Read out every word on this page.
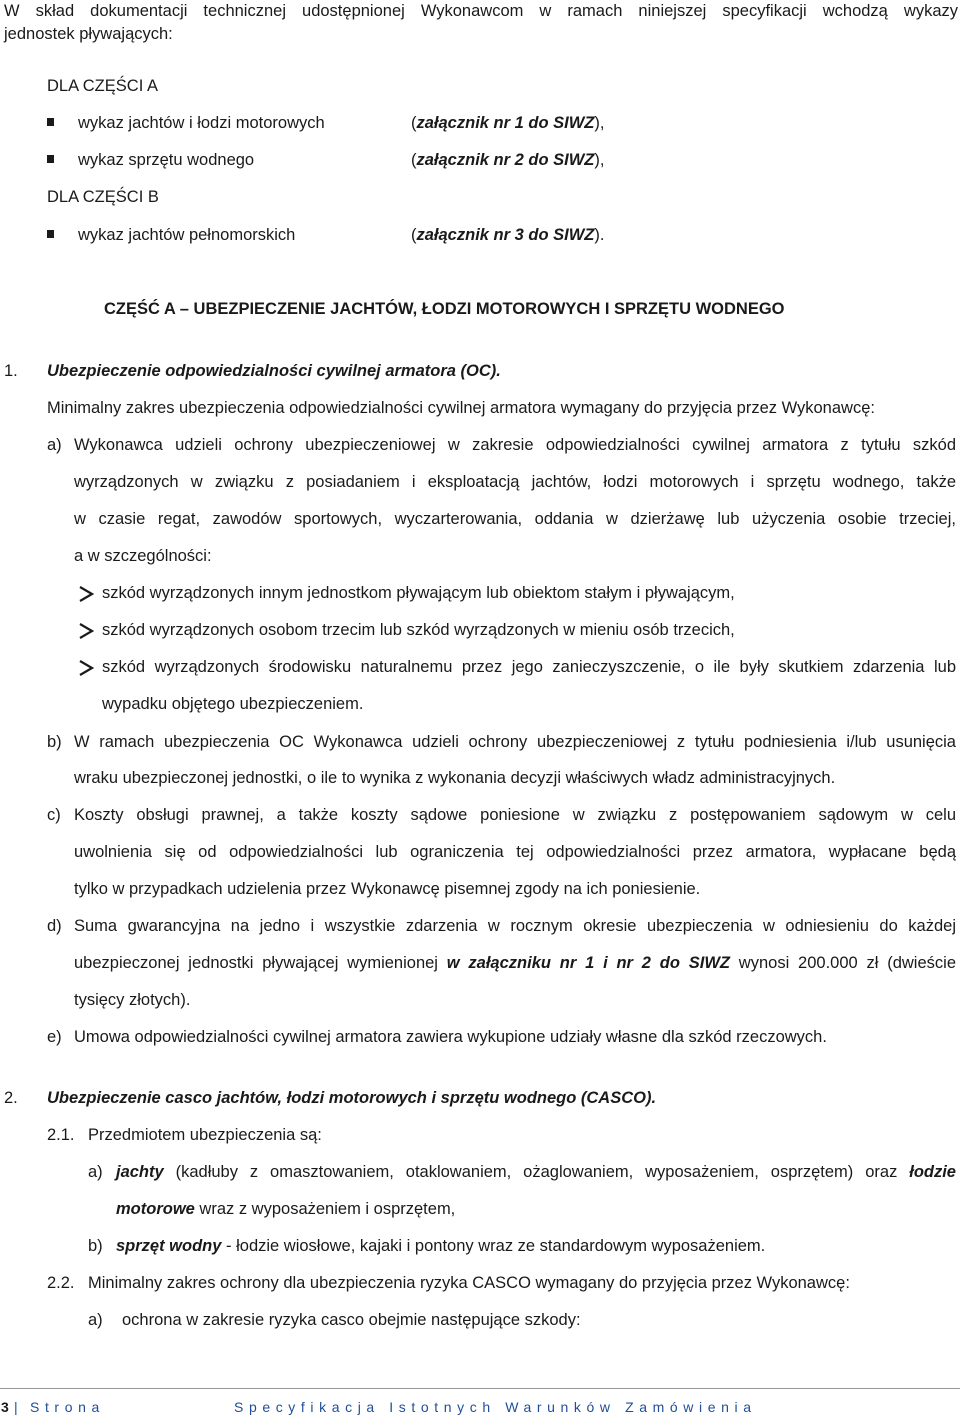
W skład dokumentacji technicznej udostępnionej Wykonawcom w ramach niniejszej specyfikacji wchodzą wykazy
jednostek pływających:
DLA CZĘŚCI A
wykaz jachtów i łodzi motorowych	(załącznik nr 1 do SIWZ),
wykaz sprzętu wodnego	(załącznik nr 2 do SIWZ),
DLA CZĘŚCI B
wykaz jachtów pełnomorskich	(załącznik nr 3 do SIWZ).
CZĘŚĆ A – UBEZPIECZENIE JACHTÓW, ŁODZI MOTOROWYCH I SPRZĘTU WODNEGO
1. Ubezpieczenie odpowiedzialności cywilnej armatora (OC).
Minimalny zakres ubezpieczenia odpowiedzialności cywilnej armatora wymagany do przyjęcia przez Wykonawcę:
a) Wykonawca udzieli ochrony ubezpieczeniowej w zakresie odpowiedzialności cywilnej armatora z tytułu szkód
wyrządzonych w związku z posiadaniem i eksploatacją jachtów, łodzi motorowych i sprzętu wodnego, także
w czasie regat, zawodów sportowych, wyczarterowania, oddania w dzierżawę lub użyczenia osobie trzeciej,
a w szczególności:
szkód wyrządzonych innym jednostkom pływającym lub obiektom stałym i pływającym,
szkód wyrządzonych osobom trzecim lub szkód wyrządzonych w mieniu osób trzecich,
szkód wyrządzonych środowisku naturalnemu przez jego zanieczyszczenie, o ile były skutkiem zdarzenia lub
wypadku objętego ubezpieczeniem.
b) W ramach ubezpieczenia OC Wykonawca udzieli ochrony ubezpieczeniowej z tytułu podniesienia i/lub usunięcia
wraku ubezpieczonej jednostki, o ile to wynika z wykonania decyzji właściwych władz administracyjnych.
c) Koszty obsługi prawnej, a także koszty sądowe poniesione w związku z postępowaniem sądowym w celu
uwolnienia się od odpowiedzialności lub ograniczenia tej odpowiedzialności przez armatora, wypłacane będą
tylko w przypadkach udzielenia przez Wykonawcę pisemnej zgody na ich poniesienie.
d) Suma gwarancyjna na jedno i wszystkie zdarzenia w rocznym okresie ubezpieczenia w odniesieniu do każdej
ubezpieczonej jednostki pływającej wymienionej w załączniku nr 1 i nr 2 do SIWZ wynosi 200.000 zł (dwieście
tysięcy złotych).
e) Umowa odpowiedzialności cywilnej armatora zawiera wykupione udziały własne dla szkód rzeczowych.
2. Ubezpieczenie casco jachtów, łodzi motorowych i sprzętu wodnego (CASCO).
2.1. Przedmiotem ubezpieczenia są:
a) jachty (kadłuby z omasztowaniem, otaklowaniem, ożaglowaniem, wyposażeniem, osprzętem) oraz łodzie
motorowe wraz z wyposażeniem i osprzętem,
b) sprzęt wodny - łodzie wiosłowe, kajaki i pontony wraz ze standardowym wyposażeniem.
2.2. Minimalny zakres ochrony dla ubezpieczenia ryzyka CASCO wymagany do przyjęcia przez Wykonawcę:
a) ochrona w zakresie ryzyka casco obejmie następujące szkody:
3 | Strona	Specyfikacja Istotnych Warunków Zamówienia
